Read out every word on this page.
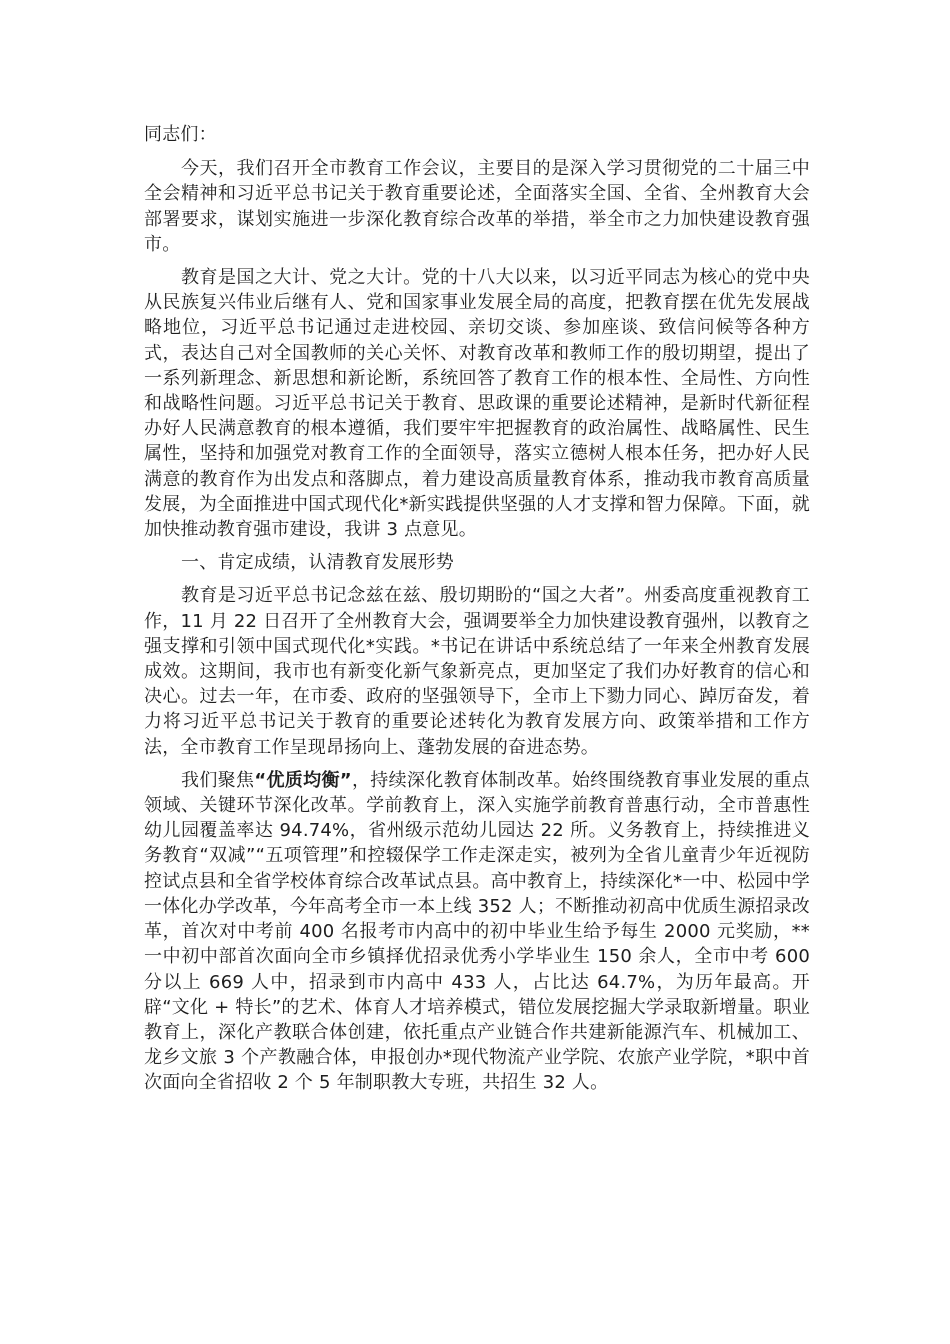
同志们：

今天，我们召开全市教育工作会议，主要目的是深入学习贯彻党的二十届三中全会精神和习近平总书记关于教育重要论述，全面落实全国、全省、全州教育大会部署要求，谋划实施进一步深化教育综合改革的举措，举全市之力加快建设教育强市。

教育是国之大计、党之大计。党的十八大以来，以习近平同志为核心的党中央从民族复兴伟业后继有人、党和国家事业发展全局的高度，把教育摆在优先发展战略地位，习近平总书记通过走进校园、亲切交谈、参加座谈、致信问候等各种方式，表达自己对全国教师的关心关怀、对教育改革和教师工作的殷切期望，提出了一系列新理念、新思想和新论断，系统回答了教育工作的根本性、全局性、方向性和战略性问题。习近平总书记关于教育、思政课的重要论述精神，是新时代新征程办好人民满意教育的根本遵循，我们要牢牢把握教育的政治属性、战略属性、民生属性，坚持和加强党对教育工作的全面领导，落实立德树人根本任务，把办好人民满意的教育作为出发点和落脚点，着力建设高质量教育体系，推动我市教育高质量发展，为全面推进中国式现代化*新实践提供坚强的人才支撑和智力保障。下面，就加快推动教育强市建设，我讲 3 点意见。

一、肯定成绩，认清教育发展形势

教育是习近平总书记念兹在兹、殷切期盼的“国之大者”。州委高度重视教育工作，11 月 22 日召开了全州教育大会，强调要举全力加快建设教育强州，以教育之强支撑和引领中国式现代化*实践。*书记在讲话中系统总结了一年来全州教育发展成效。这期间，我市也有新变化新气象新亮点，更加坚定了我们办好教育的信心和决心。过去一年，在市委、政府的坚强领导下，全市上下勠力同心、踔厉奋发，着力将习近平总书记关于教育的重要论述转化为教育发展方向、政策举措和工作方法，全市教育工作呈现昂扬向上、蓬勃发展的奋进态势。

我们聚焦“优质均衡”，持续深化教育体制改革。始终围绕教育事业发展的重点领域、关键环节深化改革。学前教育上，深入实施学前教育普惠行动，全市普惠性幼儿园覆盖率达 94.74%，省州级示范幼儿园达 22 所。义务教育上，持续推进义务教育“双减”“五项管理”和控辍保学工作走深走实，被列为全省儿童青少年近视防控试点县和全省学校体育综合改革试点县。高中教育上，持续深化*一中、松园中学一体化办学改革，今年高考全市一本上线 352 人；不断推动初高中优质生源招录改革，首次对中考前 400 名报考市内高中的初中毕业生给予每生 2000 元奖励，**一中初中部首次面向全市乡镇择优招录优秀小学毕业生 150 余人，全市中考 600 分以上 669 人中，招录到市内高中 433 人，占比达 64.7%，为历年最高。开辟“文化 + 特长”的艺术、体育人才培养模式，错位发展挖掘大学录取新增量。职业教育上，深化产教联合体创建，依托重点产业链合作共建新能源汽车、机械加工、龙乡文旅 3 个产教融合体，申报创办*现代物流产业学院、农旅产业学院，*职中首次面向全省招收 2 个 5 年制职教大专班，共招生 32 人。
